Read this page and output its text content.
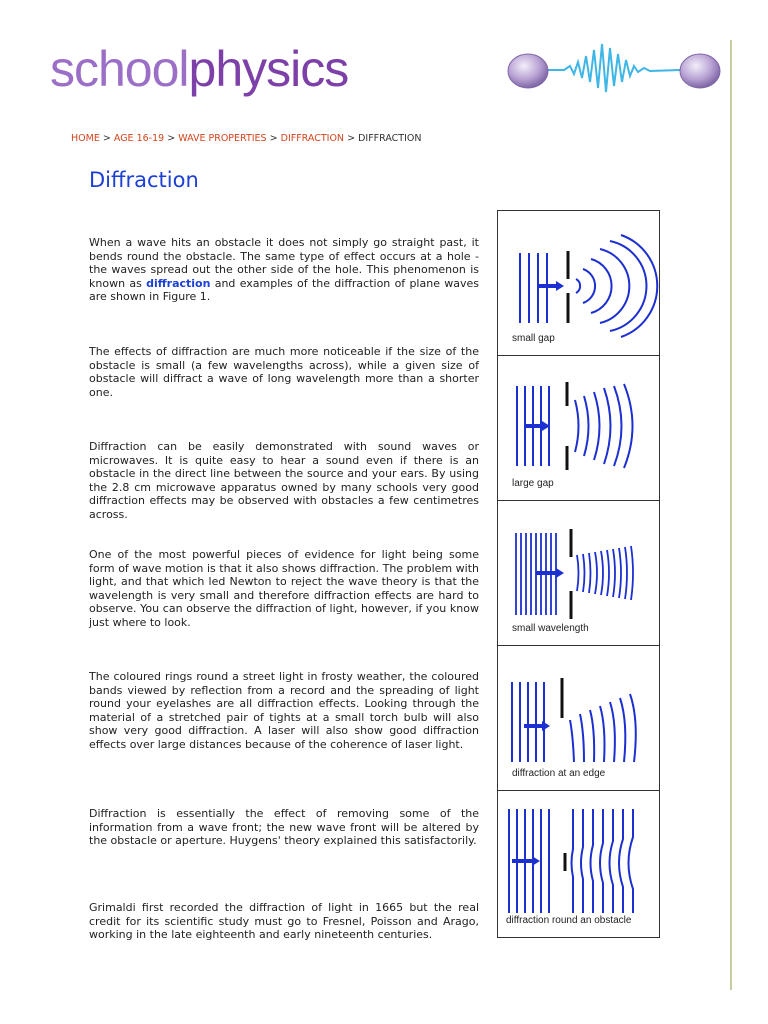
schoolphysics
HOME > AGE 16-19 > WAVE PROPERTIES > DIFFRACTION > DIFFRACTION
Diffraction

When a wave hits an obstacle it does not simply go straight past, it bends round the obstacle. The same type of effect occurs at a hole - the waves spread out the other side of the hole. This phenomenon is known as diffraction and examples of the diffraction of plane waves are shown in Figure 1.

The effects of diffraction are much more noticeable if the size of the obstacle is small (a few wavelengths across), while a given size of obstacle will diffract a wave of long wavelength more than a shorter one.

Diffraction can be easily demonstrated with sound waves or microwaves. It is quite easy to hear a sound even if there is an obstacle in the direct line between the source and your ears. By using the 2.8 cm microwave apparatus owned by many schools very good diffraction effects may be observed with obstacles a few centimetres across.

One of the most powerful pieces of evidence for light being some form of wave motion is that it also shows diffraction. The problem with light, and that which led Newton to reject the wave theory is that the wavelength is very small and therefore diffraction effects are hard to observe. You can observe the diffraction of light, however, if you know just where to look.

The coloured rings round a street light in frosty weather, the coloured bands viewed by reflection from a record and the spreading of light round your eyelashes are all diffraction effects. Looking through the material of a stretched pair of tights at a small torch bulb will also show very good diffraction. A laser will also show good diffraction effects over large distances because of the coherence of laser light.

Diffraction is essentially the effect of removing some of the information from a wave front; the new wave front will be altered by the obstacle or aperture. Huygens' theory explained this satisfactorily.

Grimaldi first recorded the diffraction of light in 1665 but the real credit for its scientific study must go to Fresnel, Poisson and Arago, working in the late eighteenth and early nineteenth centuries.

small gap
large gap
small wavelength
diffraction at an edge
diffraction round an obstacle
